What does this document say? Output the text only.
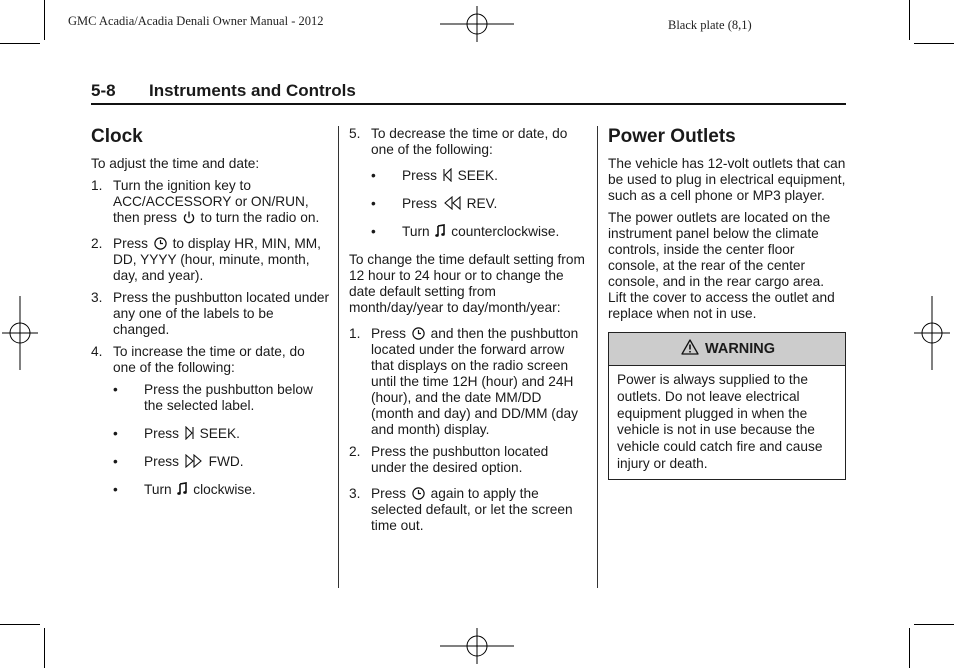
GMC Acadia/Acadia Denali Owner Manual - 2012	Black plate (8,1)
5-8 Instruments and Controls
Clock

To adjust the time and date:

1. Turn the ignition key to ACC/ACCESSORY or ON/RUN, then press to turn the radio on.
2. Press to display HR, MIN, MM, DD, YYYY (hour, minute, month, day, and year).
3. Press the pushbutton located under any one of the labels to be changed.
4. To increase the time or date, do one of the following:
• Press the pushbutton below the selected label.
• Press SEEK.
• Press FWD.
• Turn clockwise.
5. To decrease the time or date, do one of the following:
• Press SEEK.
• Press REV.
• Turn counterclockwise.

To change the time default setting from 12 hour to 24 hour or to change the date default setting from month/day/year to day/month/year:

1. Press and then the pushbutton located under the forward arrow that displays on the radio screen until the time 12H (hour) and 24H (hour), and the date MM/DD (month and day) and DD/MM (day and month) display.
2. Press the pushbutton located under the desired option.
3. Press again to apply the selected default, or let the screen time out.
Power Outlets

The vehicle has 12-volt outlets that can be used to plug in electrical equipment, such as a cell phone or MP3 player.

The power outlets are located on the instrument panel below the climate controls, inside the center floor console, at the rear of the center console, and in the rear cargo area. Lift the cover to access the outlet and replace when not in use.

WARNING
Power is always supplied to the outlets. Do not leave electrical equipment plugged in when the vehicle is not in use because the vehicle could catch fire and cause injury or death.
